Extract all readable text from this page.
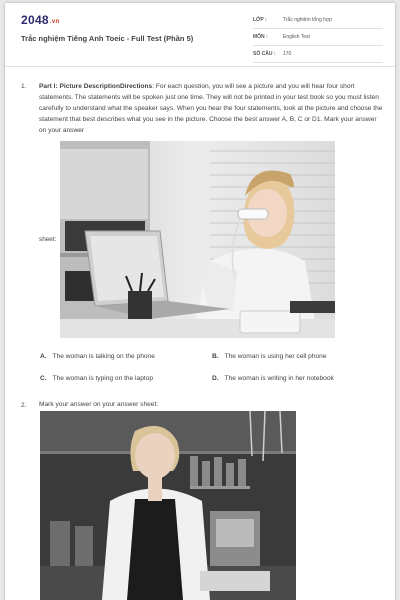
2048.vn
Trắc nghiệm Tiếng Anh Toeic - Full Test (Phần 5)
LỚP :	Trắc nghiệm tổng hợp
MÔN :	English Test
SỐ CÂU : 170
1. Part I: Picture DescriptionDirections: For each question, you will see a picture and you will hear four short statements. The statements will be spoken just one time. They will not be printed in your test book so you must listen carefully to understand what the speaker says. When you hear the four statements, look at the picture and choose the statement that best describes what you see in the picture. Choose the best answer A, B, C or D1. Mark your answer on your answer
sheet:
A. The woman is talking on the phone	B. The woman is using her cell phone
C. The woman is typing on the laptop	D. The woman is writing in her notebook
2. Mark your answer on your answer sheet:
